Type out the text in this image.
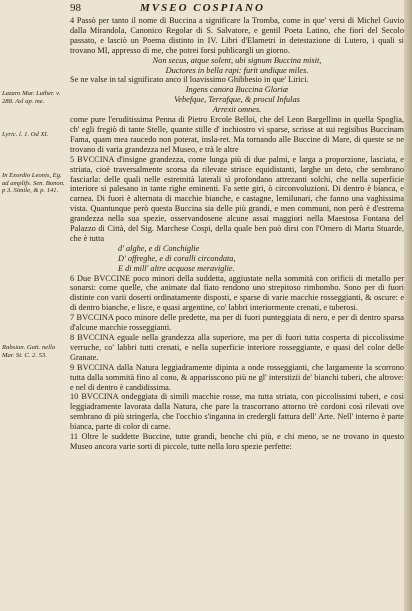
98	MVSEO COSPIANO
Lazaro Mar. Luther. v. 288. Asl ap. me.
Lyric. l. 1. Od XI.
In Exordio Leonis, Eg. ad amplifs. Sen. Bonon. p 3. Simile, & p. 141.
Rabsian. Gatt. nella Mar. St. C. 2. 53.

4 Passò per tanto il nome di Buccina a significare la Tromba, come in que' versi di Michel Guvio dalla Mirandola, Canonico Regolar di S. Salvatore, e gentil Poeta Latino, che fiorì del Secolo passato, e lasciò un Poema distinto in IV. Libri d'Elametri in detestazione di Lutero, i quali si trovano MI, appresso di me, che potrei forsi publicargli un giorno.

Non secus, atque solent, ubi signum Buccina misit,
Ductores in bella rapi: furit undique miles.

Se ne valse in tal significato anco il loavissimo Ghibbesio in que' Lirici.

Ingens canora Buccina Gloriæ
Vebefque, Terrafque, & procul Infulas
Arrexit omnes.

come pure l'eruditissima Penna di Pietro Ercole Belloi, che del Leon Bargellino in quella Spoglia, ch' egli fregiò di tante Stelle, quante stille d' inchiostro vi sparse, scrisse at sui regisibus Buccinam Fama, quam mea raucedo non poterat, insla-ret. Ma tornando alle Buccine di Mare, di queste se ne trovano di varia grandezza nel Museo, e trà le altre

5 BVCCINA d'insigne grandezza, come lunga più di due palmi, e larga a proporzione, lasciata, e striata, cioè traversalmente scorsa da rilevate strisce equidistanti, larghe un deto, che sembrano fasciarla: delle quali nelle estremità laterali sì profondano attrezanti solchi, che nella superficie interiore si palesano in tante righe eminenti. Fa sette giri, ò circonvoluzioni. Di dentro è bianca, e carnea. Di fuori è alternata di macchie bianche, e castagne, lemilunari, che fanno una vaghissima vista. Quantunque però questa Buccina sia delle più grandi, e men communi, non però è d'estrema grandezza nella sua spezie, osservandosene alcune assai maggiori nella Maestosa Fontana del Palazzo di Città, del Sig. Marchese Cospi, della quale ben può dirsi con l'Omero di Marta Stuarde, che è tutta

d' alghe, e di Conchiglie
D' offreghe, e di coralli circondata,
E di mill' altre acquose meraviglie.

6 Due BVCCINE poco minori della suddetta, aggiustate nella sommità con orificii di metallo per sonarsi: come quelle, che animate dal fiato rendono uno strepitoso rimbombo. Sono per di fuori distinte con varii doserti ordinatamente disposti, e sparse di varie macchie rosseggianti, & oscure: e di dentro bianche, e lisce, e quasi argentine, co' labbri interiormente crenati, e tuberosi.

7 BVCCINA poco minore delle predette, ma per di fuori punteggiata di nero, e per di dentro sparsa d'alcune macchie rosseggianti.

8 BVCCINA eguale nella grandezza alla superiore, ma per di fuori tutta cosperta di piccolissime verruche, co' labbri tutti crenati, e nella superficie interiore rosseggiante, e quasi del color delle Granate.

9 BVCCINA dalla Natura leggiadramente dipinta a onde rosseggianti, che largamente la scorrono tutta dalla sommità fino al cono, & apparisscono più ne gl' interstizii de' bianchi tuberi, che altrove: e nel di dentro è candidissima.

10 BVCCINA ondeggiata di simili macchie rosse, ma tutta striata, con piccolissimi tuberi, e così leggiadramente lavorata dalla Natura, che pare la trascorrano attorno trè cordoni così rilevati ove sembrano di più stringerla, che l'occhio s'inganna in credergli fattura dell' Arte. Nell' interno è parte bianca, parte di color di carne.

11 Oltre le suddette Buccine, tutte grandi, benche chi più, e chi meno, se ne trovano in questo Museo ancora varie sorti di piccole, tutte nella loro spezie perfette:
